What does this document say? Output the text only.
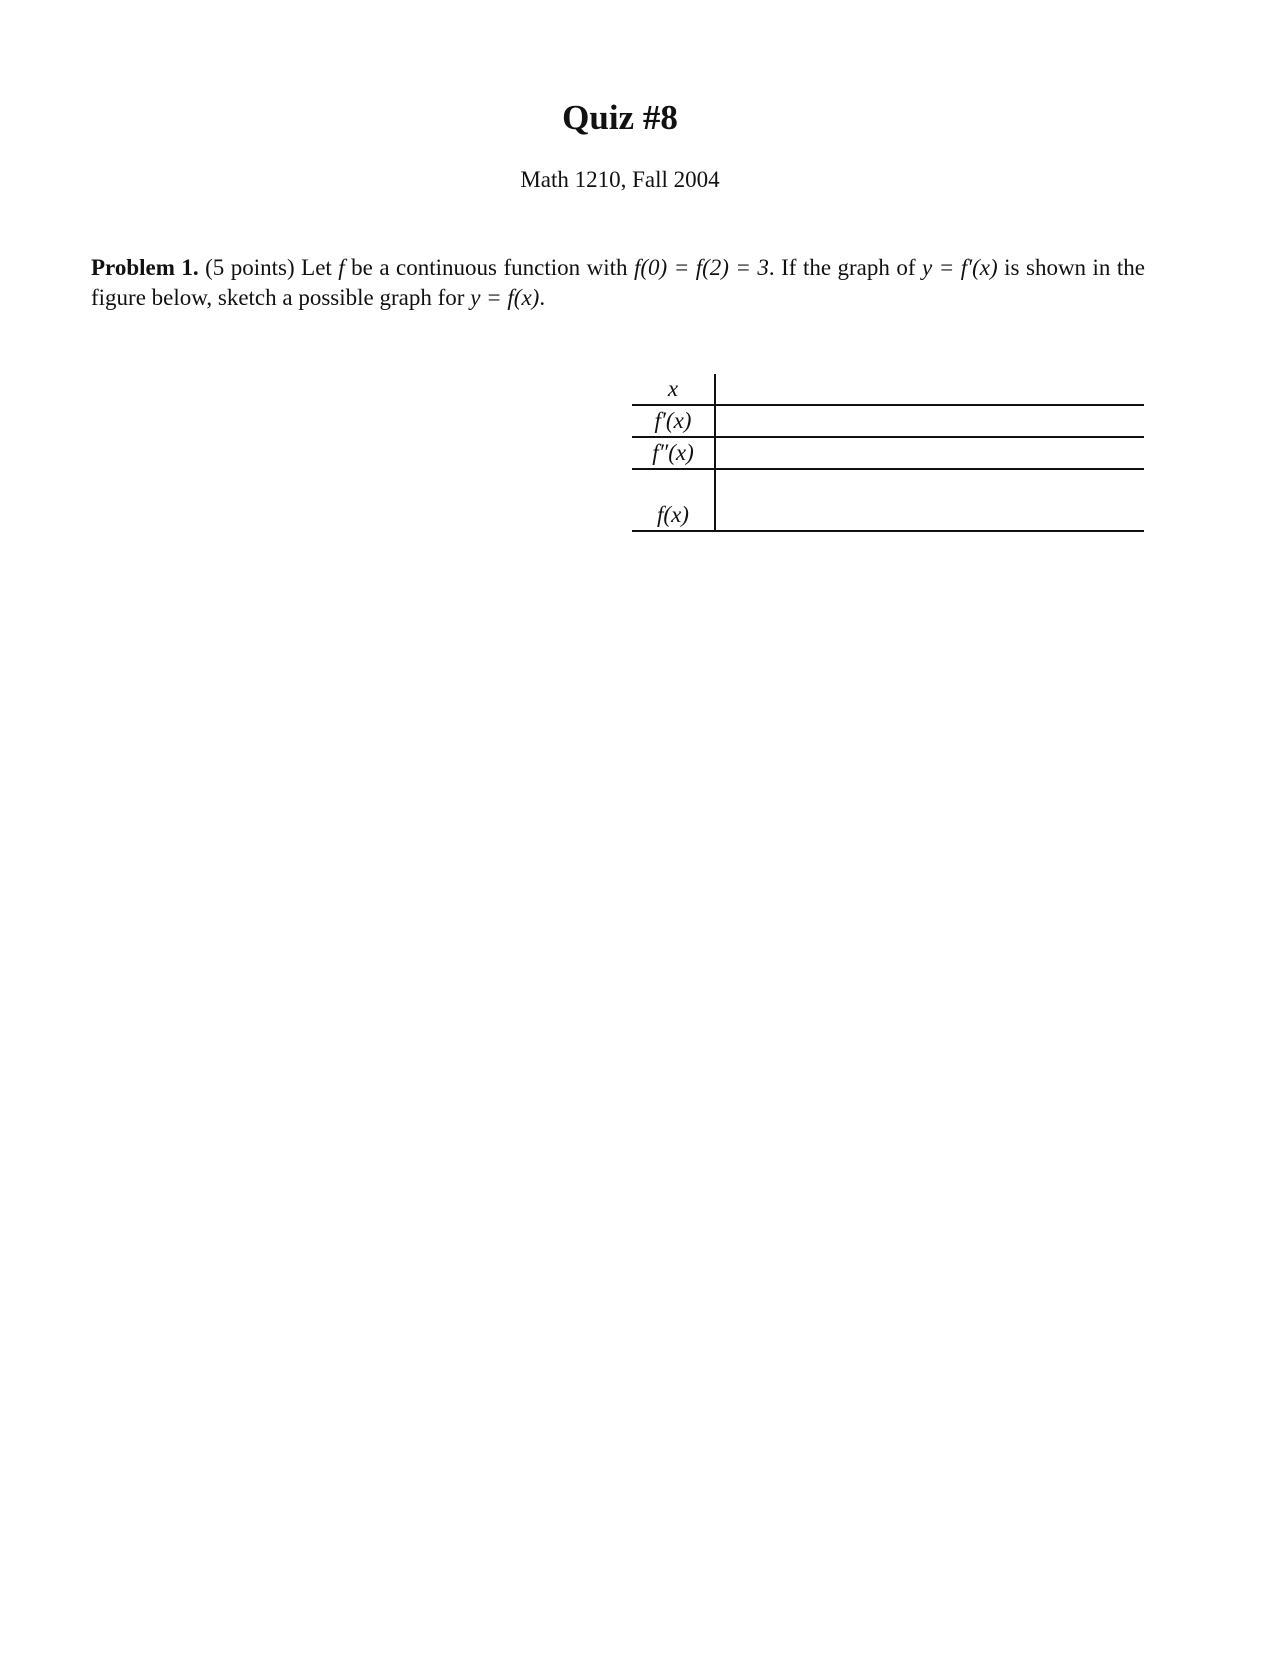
Quiz #8
Math 1210, Fall 2004
Problem 1. (5 points) Let f be a continuous function with f(0) = f(2) = 3. If the graph of y = f′(x) is shown in the figure below, sketch a possible graph for y = f(x).
x	
f′(x)	
f″(x)	
f(x)	
